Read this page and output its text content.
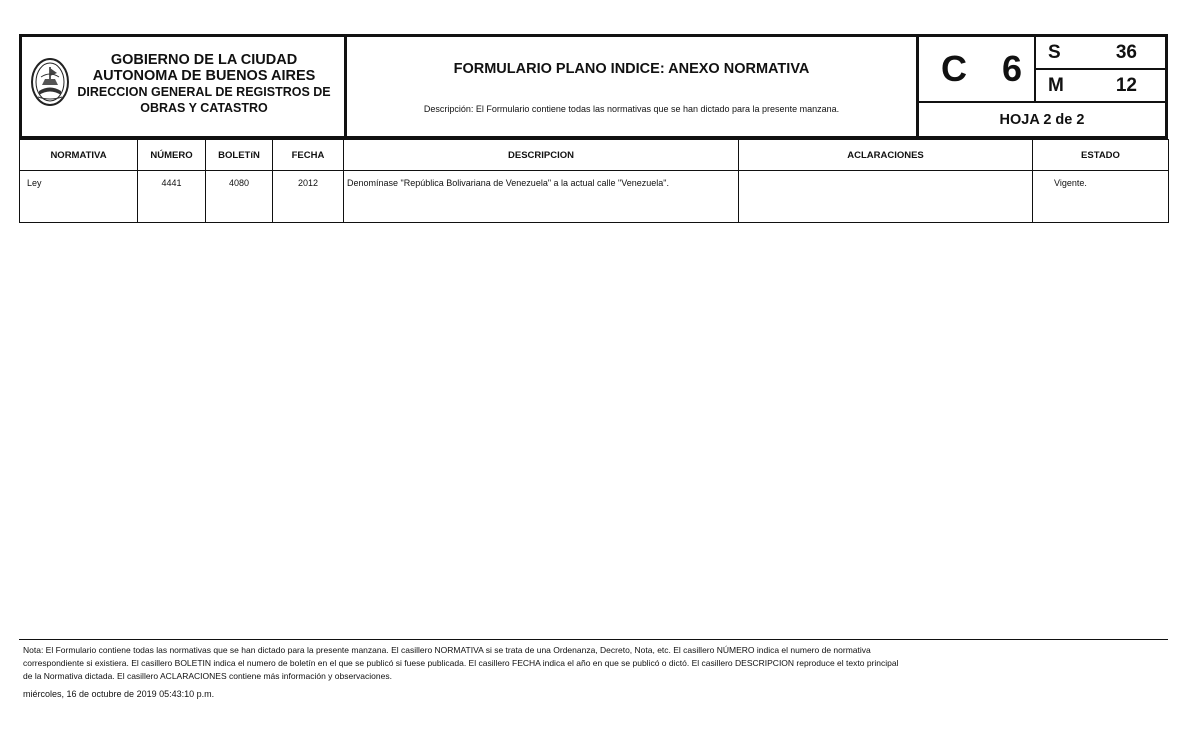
GOBIERNO DE LA CIUDAD
AUTONOMA DE BUENOS AIRES
DIRECCION GENERAL DE REGISTROS DE
OBRAS Y CATASTRO
FORMULARIO PLANO INDICE: ANEXO NORMATIVA
Descripción: El Formulario contiene todas las normativas que se han dictado para la presente manzana.
C 6 S	36
M	12
HOJA 2 de 2
NORMATIVA	NÚMERO	BOLETíN	FECHA	DESCRIPCION	ACLARACIONES	ESTADO
Ley	4441	4080	2012	Denomínase "República Bolivariana de Venezuela" a la actual calle "Venezuela".		Vigente.
Nota: El Formulario contiene todas las normativas que se han dictado para la presente manzana. El casillero NORMATIVA si se trata de una Ordenanza, Decreto, Nota, etc. El casillero NÚMERO indica el numero de normativa
correspondiente si existiera. El casillero BOLETIN indica el numero de boletín en el que se publicó si fuese publicada. El casillero FECHA indica el año en que se publicó o dictó. El casillero DESCRIPCION reproduce el texto principal
de la Normativa dictada. El casillero ACLARACIONES contiene más información y observaciones.
miércoles, 16 de octubre de 2019 05:43:10 p.m.
